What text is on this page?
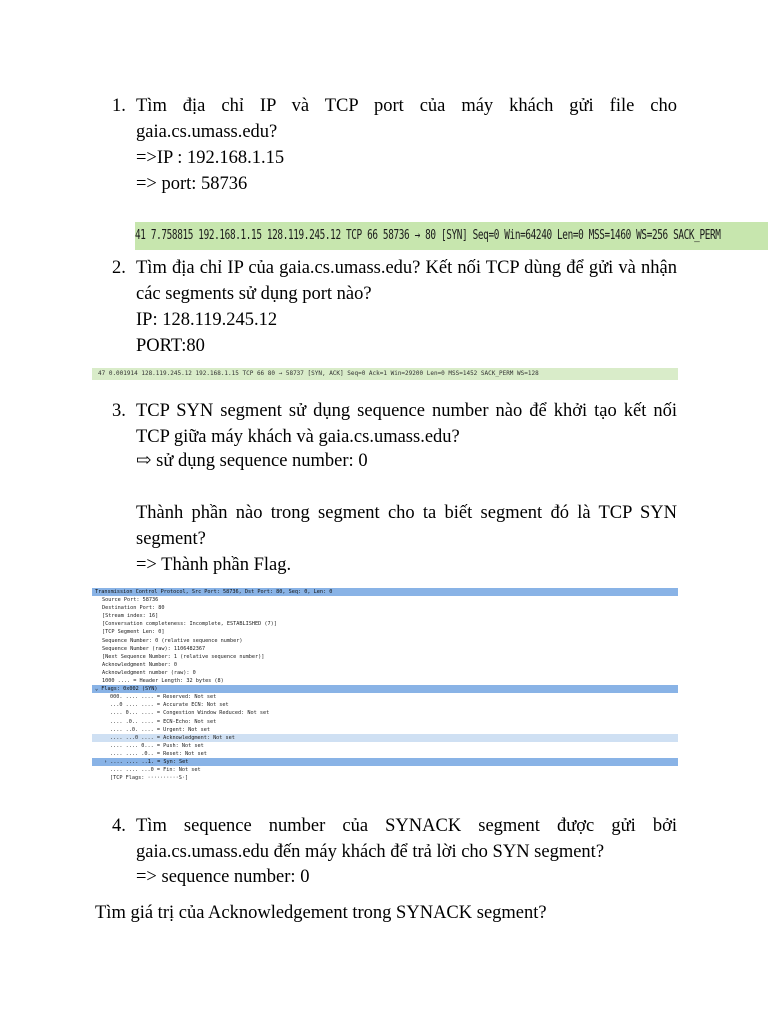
1. Tìm địa chỉ IP và TCP port của máy khách gửi file cho gaia.cs.umass.edu?

=>IP : 192.168.1.15

=> port: 58736

41 7.758815 192.168.1.15 128.119.245.12 TCP 66 58736 → 80 [SYN] Seq=0 Win=64240 Len=0 MSS=1460 WS=256 SACK_PERM
2. Tìm địa chỉ IP của gaia.cs.umass.edu? Kết nối TCP dùng để gửi và nhận các segments sử dụng port nào?

IP: 128.119.245.12

PORT:80

47 0.001914 128.119.245.12 192.168.1.15 TCP 66 80 → 58737 [SYN, ACK] Seq=0 Ack=1 Win=29200 Len=0 MSS=1452 SACK_PERM WS=128
3. TCP SYN segment sử dụng sequence number nào để khởi tạo kết nối TCP giữa máy khách và gaia.cs.umass.edu?

⇨ sử dụng sequence number: 0

Thành phần nào trong segment cho ta biết segment đó là TCP SYN segment?

=> Thành phần Flag.

Transmission Control Protocol, Src Port: 58736, Dst Port: 80, Seq: 0, Len: 0
Source Port: 58736
Destination Port: 80
[Stream index: 16]
[Conversation completeness: Incomplete, ESTABLISHED (7)]
[TCP Segment Len: 0]
Sequence Number: 0 (relative sequence number)
Sequence Number (raw): 1106482367
[Next Sequence Number: 1 (relative sequence number)]
Acknowledgment Number: 0
Acknowledgment number (raw): 0
1000 .... = Header Length: 32 bytes (8)
⌄ Flags: 0x002 (SYN)
000. .... .... = Reserved: Not set
...0 .... .... = Accurate ECN: Not set
.... 0... .... = Congestion Window Reduced: Not set
.... .0.. .... = ECN-Echo: Not set
.... ..0. .... = Urgent: Not set
.... ...0 .... = Acknowledgment: Not set
.... .... 0... = Push: Not set
.... .... .0.. = Reset: Not set
› .... .... ..1. = Syn: Set
.... .... ...0 = Fin: Not set
[TCP Flags: ··········S·]
4. Tìm sequence number của SYNACK segment được gửi bởi gaia.cs.umass.edu đến máy khách để trả lời cho SYN segment?

=> sequence number: 0

Tìm giá trị của Acknowledgement trong SYNACK segment?
